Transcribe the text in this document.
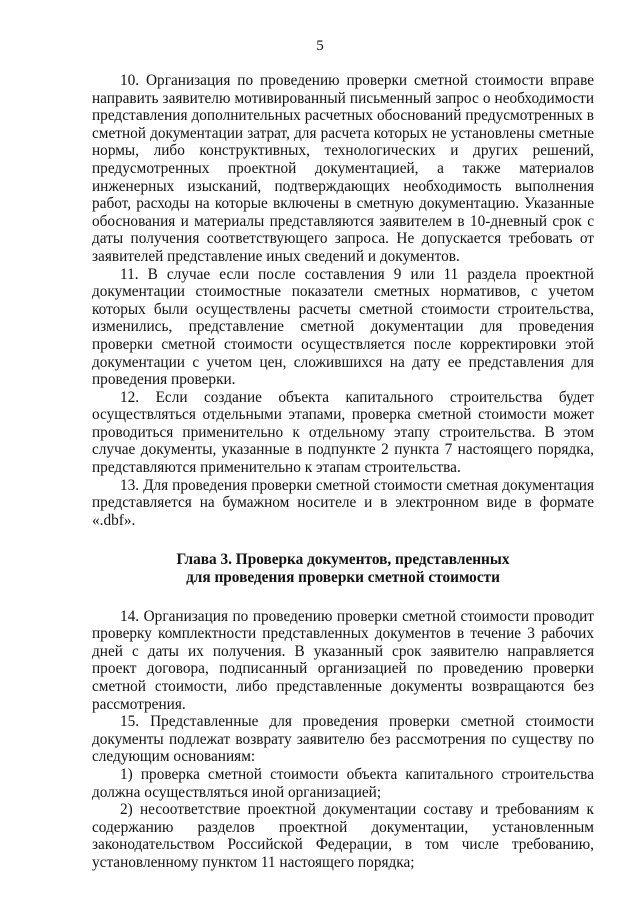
5

10. Организация по проведению проверки сметной стоимости вправе направить заявителю мотивированный письменный запрос о необходимости представления дополнительных расчетных обоснований предусмотренных в сметной документации затрат, для расчета которых не установлены сметные нормы, либо конструктивных, технологических и других решений, предусмотренных проектной документацией, а также материалов инженерных изысканий, подтверждающих необходимость выполнения работ, расходы на которые включены в сметную документацию. Указанные обоснования и материалы представляются заявителем в 10-дневный срок с даты получения соответствующего запроса. Не допускается требовать от заявителей представление иных сведений и документов.

11. В случае если после составления 9 или 11 раздела проектной документации стоимостные показатели сметных нормативов, с учетом которых были осуществлены расчеты сметной стоимости строительства, изменились, представление сметной документации для проведения проверки сметной стоимости осуществляется после корректировки этой документации с учетом цен, сложившихся на дату ее представления для проведения проверки.

12. Если создание объекта капитального строительства будет осуществляться отдельными этапами, проверка сметной стоимости может проводиться применительно к отдельному этапу строительства. В этом случае документы, указанные в подпункте 2 пункта 7 настоящего порядка, представляются применительно к этапам строительства.

13. Для проведения проверки сметной стоимости сметная документация представляется на бумажном носителе и в электронном виде в формате «.dbf».

Глава 3. Проверка документов, представленных
для проведения проверки сметной стоимости

14. Организация по проведению проверки сметной стоимости проводит проверку комплектности представленных документов в течение 3 рабочих дней с даты их получения. В указанный срок заявителю направляется проект договора, подписанный организацией по проведению проверки сметной стоимости, либо представленные документы возвращаются без рассмотрения.

15. Представленные для проведения проверки сметной стоимости документы подлежат возврату заявителю без рассмотрения по существу по следующим основаниям:

1) проверка сметной стоимости объекта капитального строительства должна осуществляться иной организацией;

2) несоответствие проектной документации составу и требованиям к содержанию разделов проектной документации, установленным законодательством Российской Федерации, в том числе требованию, установленному пунктом 11 настоящего порядка;
